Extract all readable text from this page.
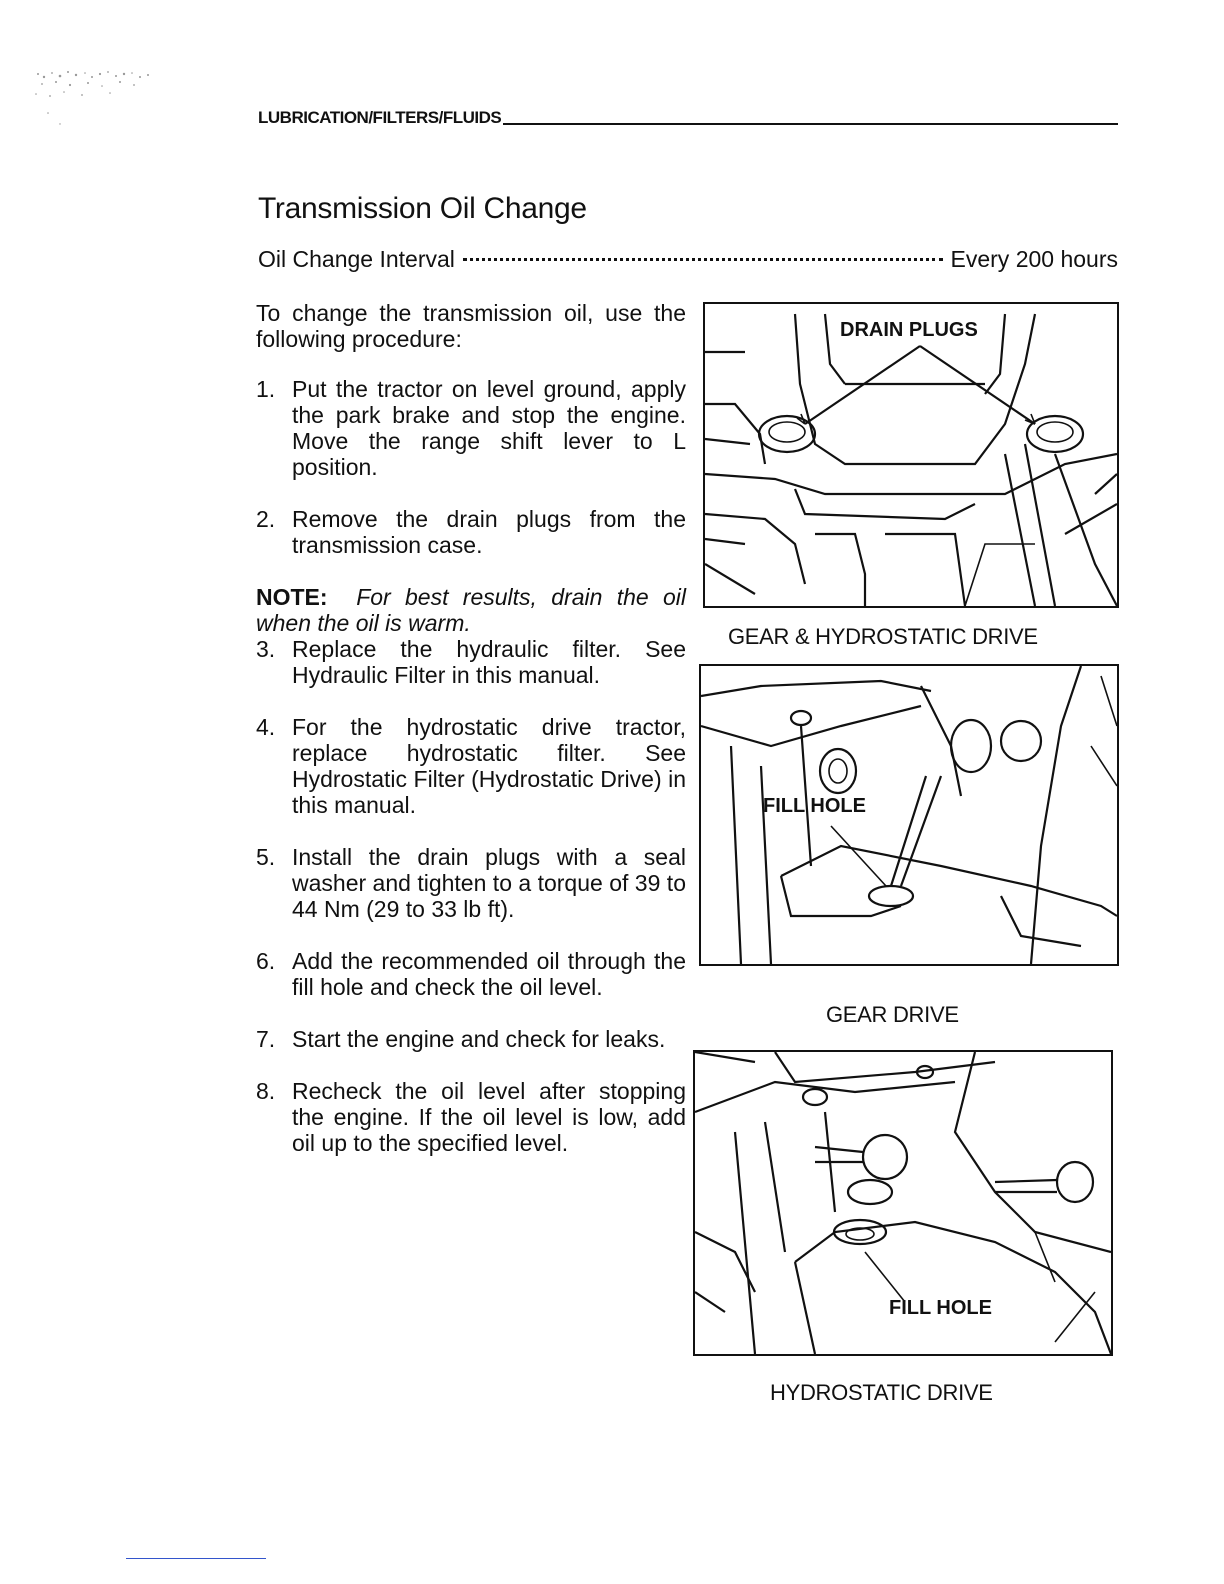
LUBRICATION/FILTERS/FLUIDS
Transmission Oil Change
Oil Change Interval	Every 200 hours

To change the transmission oil, use the following procedure:

1. Put the tractor on level ground, apply the park brake and stop the engine. Move the range shift lever to L position.
2. Remove the drain plugs from the transmission case.

NOTE: For best results, drain the oil when the oil is warm.

3. Replace the hydraulic filter. See Hydraulic Filter in this manual.
4. For the hydrostatic drive tractor, replace hydrostatic filter. See Hydrostatic Filter (Hydrostatic Drive) in this manual.
5. Install the drain plugs with a seal washer and tighten to a torque of 39 to 44 Nm (29 to 33 lb ft).
6. Add the recommended oil through the fill hole and check the oil level.
7. Start the engine and check for leaks.
8. Recheck the oil level after stopping the engine. If the oil level is low, add oil up to the specified level.
DRAIN PLUGS
GEAR & HYDROSTATIC DRIVE
FILL HOLE
GEAR DRIVE
FILL HOLE
HYDROSTATIC DRIVE
